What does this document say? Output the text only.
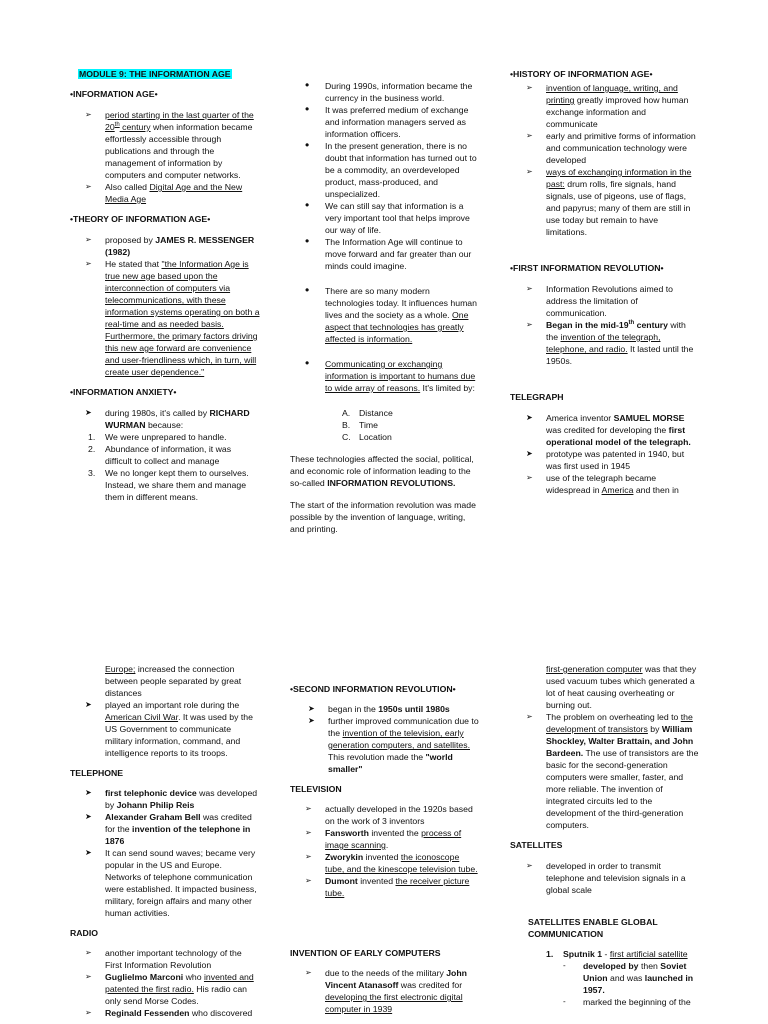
MODULE 9: THE INFORMATION AGE

•INFORMATION AGE•

➢ period starting in the last quarter of the 20th century when information became effortlessly accessible through publications and through the management of information by computers and computer networks.
➢ Also called Digital Age and the New Media Age

•THEORY OF INFORMATION AGE•

➢ proposed by JAMES R. MESSENGER (1982)
➢ He stated that "the Information Age is true new age based upon the interconnection of computers via telecommunications, with these information systems operating on both a real-time and as needed basis. Furthermore, the primary factors driving this new age forward are convenience and user-friendliness which, in turn, will create user dependence."

•INFORMATION ANXIETY•

➤ during 1980s, it's called by RICHARD WURMAN because:
1. We were unprepared to handle.
2. Abundance of information, it was difficult to collect and manage
3. We no longer kept them to ourselves. Instead, we share them and manage them in different means.
• During 1990s, information became the currency in the business world.
• It was preferred medium of exchange and information managers served as information officers.
• In the present generation, there is no doubt that information has turned out to be a commodity, an overdeveloped product, mass-produced, and unspecialized.
• We can still say that information is a very important tool that helps improve our way of life.
• The Information Age will continue to move forward and far greater than our minds could imagine.
• There are so many modern technologies today. It influences human lives and the society as a whole. One aspect that technologies has greatly affected is information.
• Communicating or exchanging information is important to humans due to wide array of reasons. It's limited by:
A. Distance
B. Time
C. Location

These technologies affected the social, political, and economic role of information leading to the so-called INFORMATION REVOLUTIONS.

The start of the information revolution was made possible by the invention of language, writing, and printing.

•HISTORY OF INFORMATION AGE•

➢ invention of language, writing, and printing greatly improved how human exchange information and communicate
➢ early and primitive forms of information and communication technology were developed
➢ ways of exchanging information in the past: drum rolls, fire signals, hand signals, use of pigeons, use of flags, and papyrus; many of them are still in use today but remain to have limitations.

•FIRST INFORMATION REVOLUTION•

➢ Information Revolutions aimed to address the limitation of communication.
➢ Began in the mid-19th century with the invention of the telegraph, telephone, and radio. It lasted until the 1950s.

TELEGRAPH

➤ America inventor SAMUEL MORSE was credited for developing the first operational model of the telegraph.
➤ prototype was patented in 1940, but was first used in 1945
➢ use of the telegraph became widespread in America and then in

Europe; increased the connection between people separated by great distances

➤ played an important role during the American Civil War. It was used by the US Government to communicate military information, command, and intelligence reports to its troops.

TELEPHONE

➤ first telephonic device was developed by Johann Philip Reis
➤ Alexander Graham Bell was credited for the invention of the telephone in 1876
➤ It can send sound waves; became very popular in the US and Europe. Networks of telephone communication were established. It impacted business, military, foreign affairs and many other human activities.

RADIO

➢ another important technology of the First Information Revolution
➢ Guglielmo Marconi who invented and patented the first radio. His radio can only send Morse Codes.
➢ Reginald Fessenden who discovered

•SECOND INFORMATION REVOLUTION•

➤ began in the 1950s until 1980s
➤ further improved communication due to the invention of the television, early generation computers, and satellites. This revolution made the "world smaller"

TELEVISION

➢ actually developed in the 1920s based on the work of 3 inventors
➢ Fansworth invented the process of image scanning.
➢ Zworykin invented the iconoscope tube, and the kinescope television tube.
➢ Dumont invented the receiver picture tube.

INVENTION OF EARLY COMPUTERS

➢ due to the needs of the military John Vincent Atanasoff was credited for developing the first electronic digital computer in 1939

first-generation computer was that they used vacuum tubes which generated a lot of heat causing overheating or burning out.

➢ The problem on overheating led to the development of transistors by William Shockley, Walter Brattain, and John Bardeen. The use of transistors are the basic for the second-generation computers were smaller, faster, and more reliable. The invention of integrated circuits led to the development of the third-generation computers.

SATELLITES

➢ developed in order to transmit telephone and television signals in a global scale

SATELLITES ENABLE GLOBAL COMMUNICATION

1. Sputnik 1 - first artificial satellite
- developed by then Soviet Union and was launched in 1957.
- marked the beginning of the
